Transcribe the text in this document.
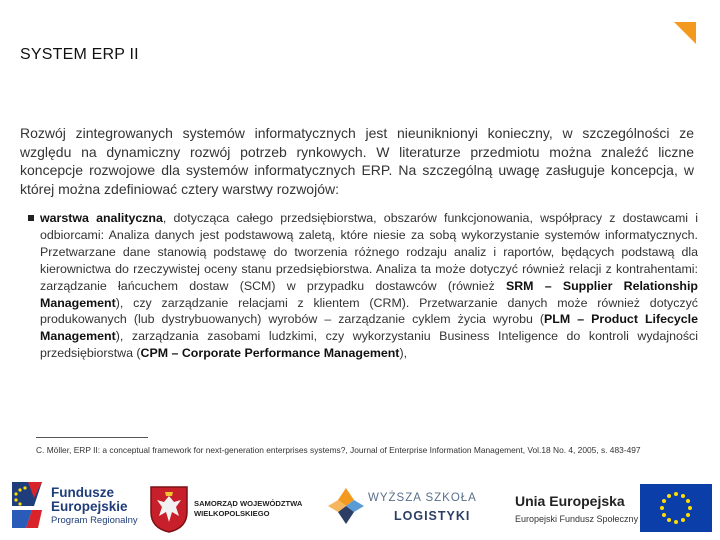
SYSTEM ERP II
Rozwój zintegrowanych systemów informatycznych jest nieuniknionyi konieczny, w szczególności ze względu na dynamiczny rozwój potrzeb rynkowych. W literaturze przedmiotu można znaleźć liczne koncepcje rozwojowe dla systemów informatycznych ERP. Na szczególną uwagę zasługuje koncepcja, w której można zdefiniować cztery warstwy rozwojów:
warstwa analityczna, dotycząca całego przedsiębiorstwa, obszarów funkcjonowania, współpracy z dostawcami i odbiorcami: Analiza danych jest podstawową zaletą, które niesie za sobą wykorzystanie systemów informatycznych. Przetwarzane dane stanowią podstawę do tworzenia różnego rodzaju analiz i raportów, będących podstawą dla kierownictwa do rzeczywistej oceny stanu przedsiębiorstwa. Analiza ta może dotyczyć również relacji z kontrahentami: zarządzanie łańcuchem dostaw (SCM) w przypadku dostawców (również SRM – Supplier Relationship Management), czy zarządzanie relacjami z klientem (CRM). Przetwarzanie danych może również dotyczyć produkowanych (lub dystrybuowanych) wyrobów – zarządzanie cyklem życia wyrobu (PLM – Product Lifecycle Management), zarządzania zasobami ludzkimi, czy wykorzystaniu Business Inteligence do kontroli wydajności przedsiębiorstwa (CPM – Corporate Performance Management),
C. Möller, ERP II: a conceptual framework for next-generation enterprises systems?, Journal of Enterprise Information Management, Vol.18 No. 4, 2005, s. 483-497
Fundusze
Europejskie
Program Regionalny
SAMORZĄD WOJEWÓDZTWA
WIELKOPOLSKIEGO
WYŻSZA SZKOŁA
LOGISTYKI
Unia Europejska
Europejski Fundusz Społeczny
